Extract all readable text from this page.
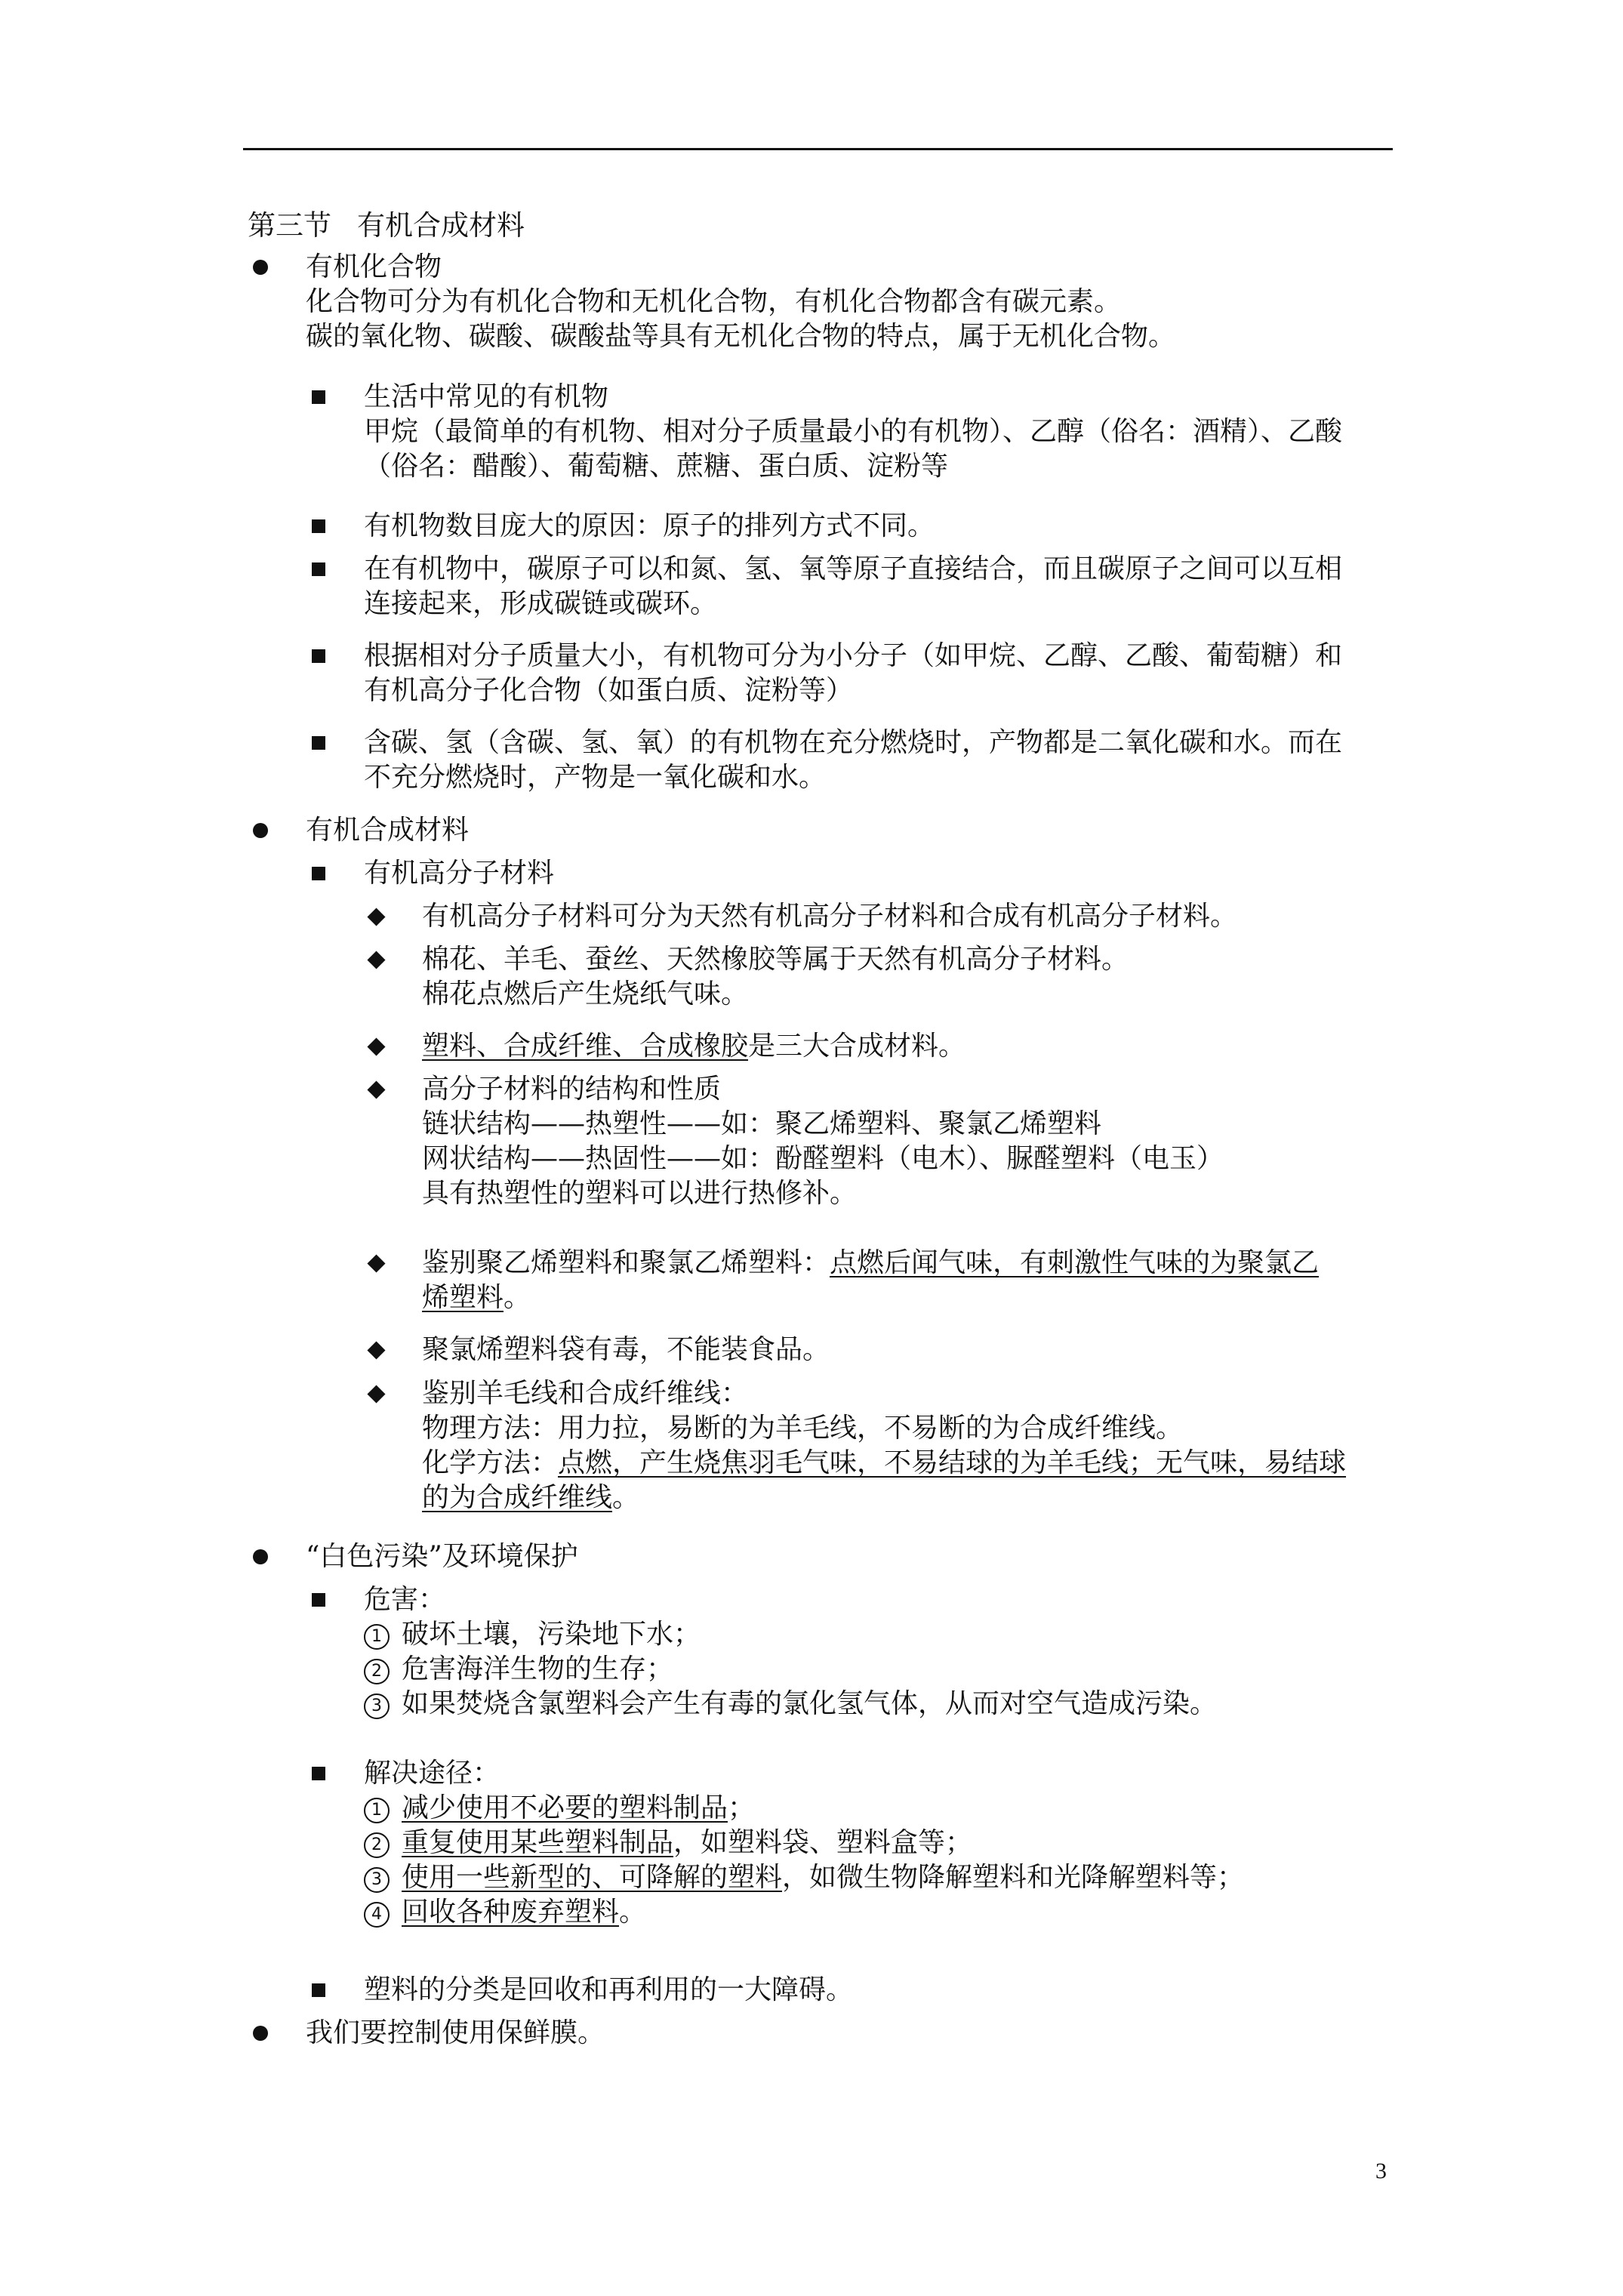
第三节 有机合成材料
有机化合物
化合物可分为有机化合物和无机化合物，有机化合物都含有碳元素。
碳的氧化物、碳酸、碳酸盐等具有无机化合物的特点，属于无机化合物。
生活中常见的有机物
甲烷（最简单的有机物、相对分子质量最小的有机物）、乙醇（俗名：酒精）、乙酸
（俗名：醋酸）、葡萄糖、蔗糖、蛋白质、淀粉等
有机物数目庞大的原因：原子的排列方式不同。
在有机物中，碳原子可以和氮、氢、氧等原子直接结合，而且碳原子之间可以互相
连接起来，形成碳链或碳环。
根据相对分子质量大小，有机物可分为小分子（如甲烷、乙醇、乙酸、葡萄糖）和
有机高分子化合物（如蛋白质、淀粉等）
含碳、氢（含碳、氢、氧）的有机物在充分燃烧时，产物都是二氧化碳和水。而在
不充分燃烧时，产物是一氧化碳和水。
有机合成材料
有机高分子材料
有机高分子材料可分为天然有机高分子材料和合成有机高分子材料。
棉花、羊毛、蚕丝、天然橡胶等属于天然有机高分子材料。
棉花点燃后产生烧纸气味。
塑料、合成纤维、合成橡胶是三大合成材料。
高分子材料的结构和性质
链状结构——热塑性——如：聚乙烯塑料、聚氯乙烯塑料
网状结构——热固性——如：酚醛塑料（电木）、脲醛塑料（电玉）
具有热塑性的塑料可以进行热修补。
鉴别聚乙烯塑料和聚氯乙烯塑料：点燃后闻气味，有刺激性气味的为聚氯乙
烯塑料。
聚氯烯塑料袋有毒，不能装食品。
鉴别羊毛线和合成纤维线：
物理方法：用力拉，易断的为羊毛线，不易断的为合成纤维线。
化学方法：点燃，产生烧焦羽毛气味，不易结球的为羊毛线；无气味，易结球
的为合成纤维线。
“白色污染”及环境保护
危害：
1 破坏土壤，污染地下水；
2 危害海洋生物的生存；
3 如果焚烧含氯塑料会产生有毒的氯化氢气体，从而对空气造成污染。
解决途径：
1 减少使用不必要的塑料制品；
2 重复使用某些塑料制品，如塑料袋、塑料盒等；
3 使用一些新型的、可降解的塑料，如微生物降解塑料和光降解塑料等；
4 回收各种废弃塑料。
塑料的分类是回收和再利用的一大障碍。
我们要控制使用保鲜膜。
3
